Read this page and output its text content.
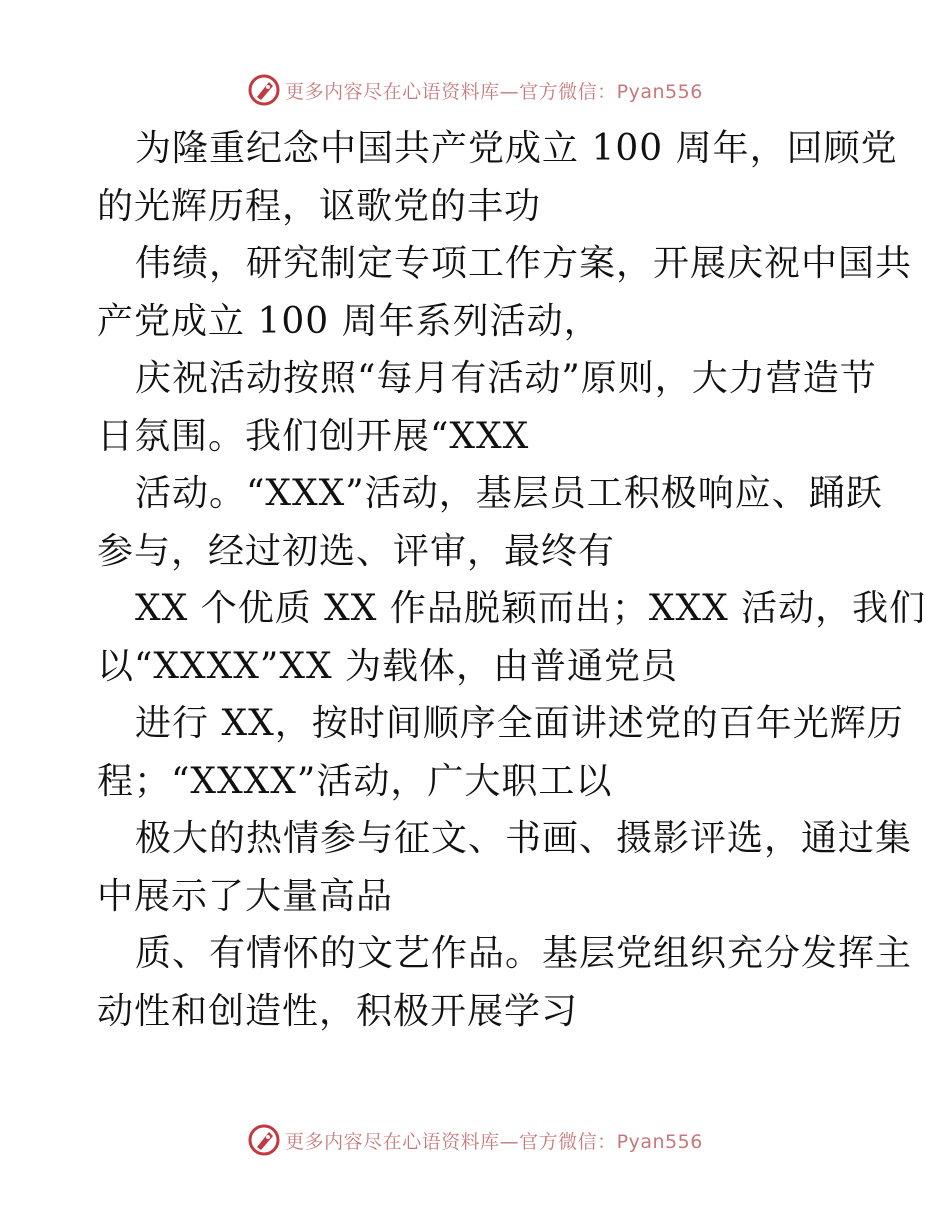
更多内容尽在心语资料库—官方微信：Pyan556

为隆重纪念中国共产党成立 100 周年，回顾党
的光辉历程，讴歌党的丰功

伟绩，研究制定专项工作方案，开展庆祝中国共
产党成立 100 周年系列活动，

庆祝活动按照“每月有活动”原则，大力营造节
日氛围。我们创开展“XXX

活动。“XXX”活动，基层员工积极响应、踊跃
参与，经过初选、评审，最终有

XX 个优质 XX 作品脱颖而出；XXX 活动，我们
以“XXXX”XX 为载体，由普通党员

进行 XX，按时间顺序全面讲述党的百年光辉历
程；“XXXX”活动，广大职工以

极大的热情参与征文、书画、摄影评选，通过集
中展示了大量高品

质、有情怀的文艺作品。基层党组织充分发挥主
动性和创造性，积极开展学习

更多内容尽在心语资料库—官方微信：Pyan556
